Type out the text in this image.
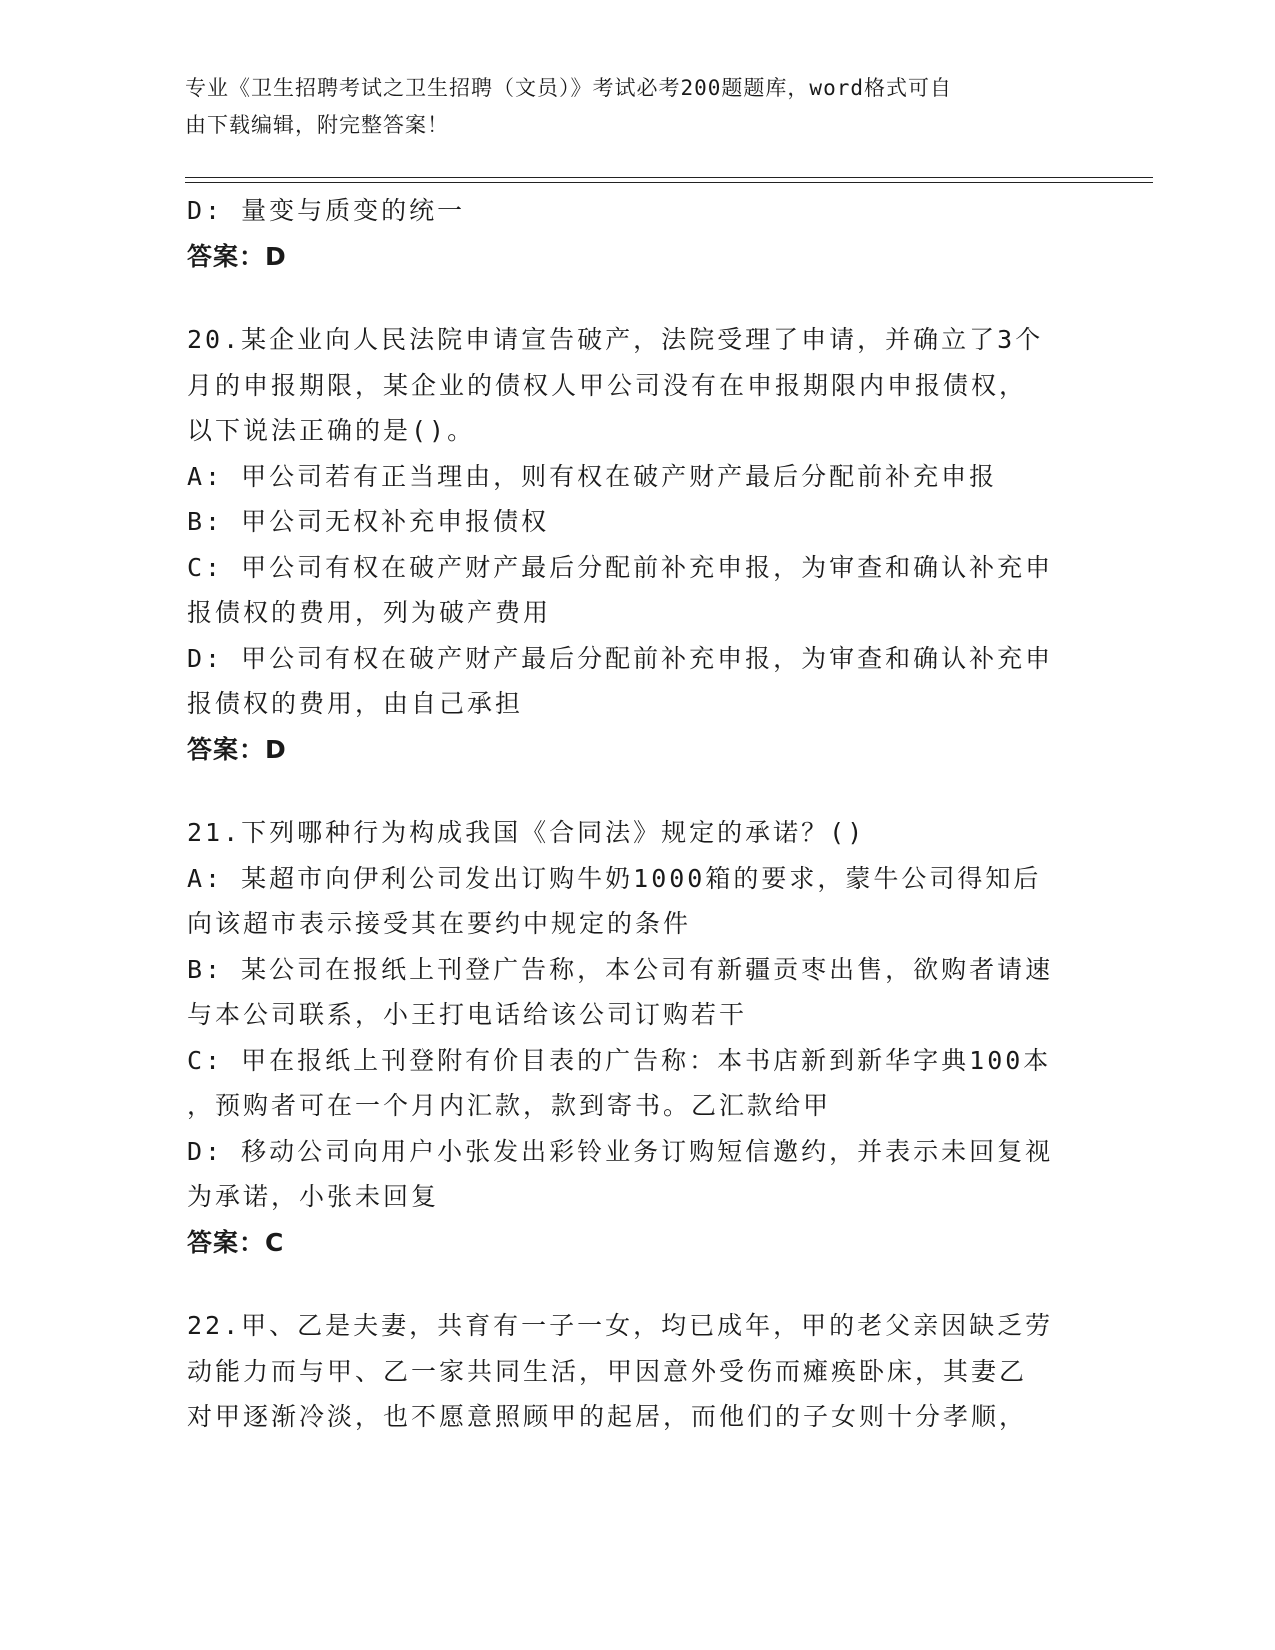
专业《卫生招聘考试之卫生招聘（文员）》考试必考200题题库，word格式可自
由下载编辑，附完整答案！
D: 量变与质变的统一
答案：D
20.某企业向人民法院申请宣告破产，法院受理了申请，并确立了3个
月的申报期限，某企业的债权人甲公司没有在申报期限内申报债权，
以下说法正确的是()。
A: 甲公司若有正当理由，则有权在破产财产最后分配前补充申报
B: 甲公司无权补充申报债权
C: 甲公司有权在破产财产最后分配前补充申报，为审查和确认补充申
报债权的费用，列为破产费用
D: 甲公司有权在破产财产最后分配前补充申报，为审查和确认补充申
报债权的费用，由自己承担
答案：D
21.下列哪种行为构成我国《合同法》规定的承诺？()
A: 某超市向伊利公司发出订购牛奶1000箱的要求，蒙牛公司得知后
向该超市表示接受其在要约中规定的条件
B: 某公司在报纸上刊登广告称，本公司有新疆贡枣出售，欲购者请速
与本公司联系，小王打电话给该公司订购若干
C: 甲在报纸上刊登附有价目表的广告称：本书店新到新华字典100本
，预购者可在一个月内汇款，款到寄书。乙汇款给甲
D: 移动公司向用户小张发出彩铃业务订购短信邀约，并表示未回复视
为承诺，小张未回复
答案：C
22.甲、乙是夫妻，共育有一子一女，均已成年，甲的老父亲因缺乏劳
动能力而与甲、乙一家共同生活，甲因意外受伤而瘫痪卧床，其妻乙
对甲逐渐冷淡，也不愿意照顾甲的起居，而他们的子女则十分孝顺，
